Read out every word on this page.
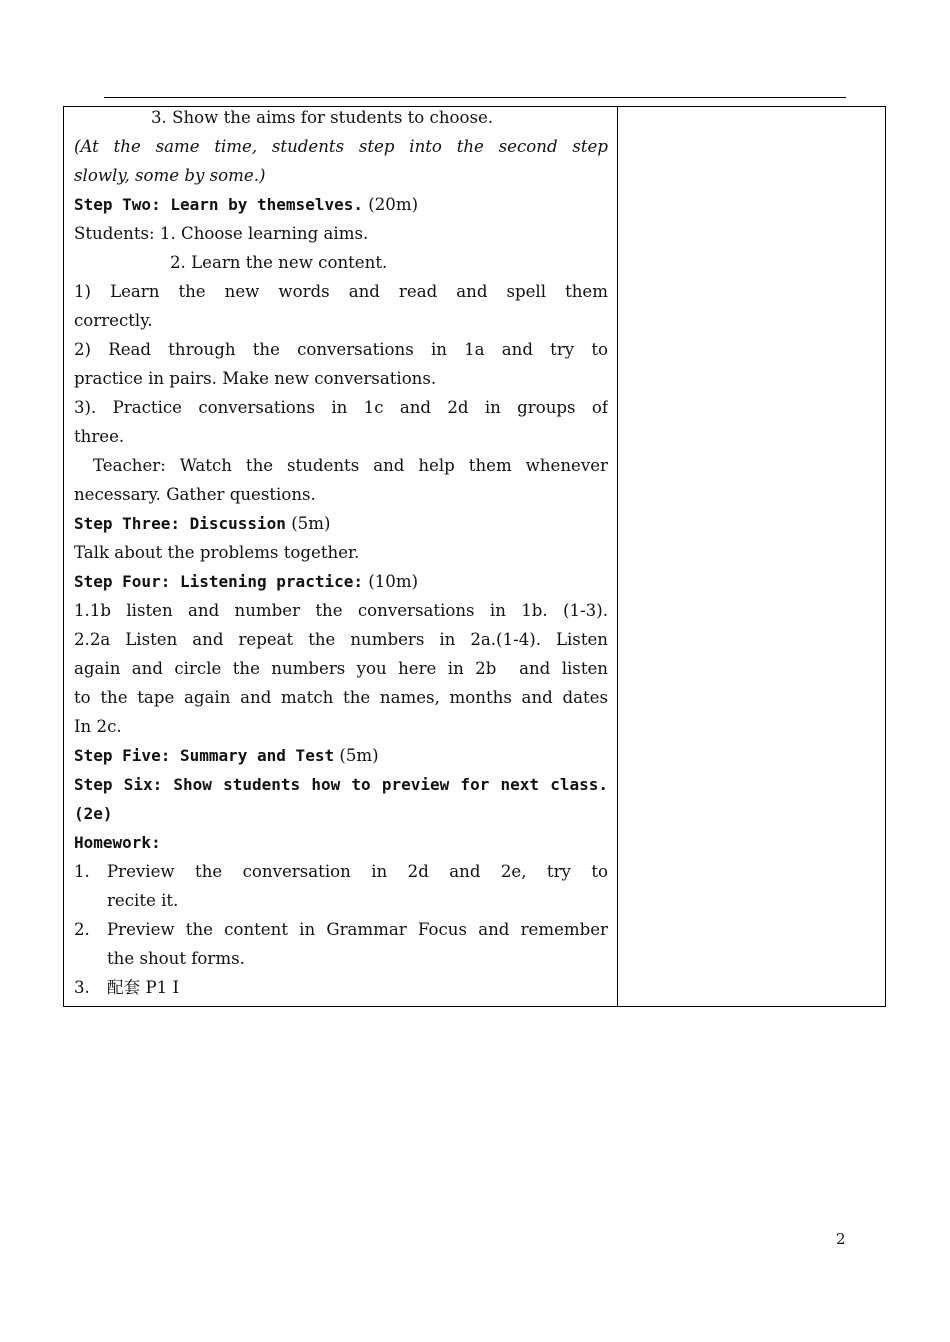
3. Show the aims for students to choose.
(At the same time, students step into the second step
slowly, some by some.)
Step Two: Learn by themselves. (20m)
Students: 1. Choose learning aims.
2. Learn the new content.
1) Learn the new words and read and spell them
correctly.
2) Read through the conversations in 1a and try to
practice in pairs. Make new conversations.
3). Practice conversations in 1c and 2d in groups of
three.
Teacher: Watch the students and help them whenever
necessary. Gather questions.
Step Three: Discussion (5m)
Talk about the problems together.
Step Four: Listening practice: (10m)
1.1b listen and number the conversations in 1b. (1-3).
2.2a Listen and repeat the numbers in 2a.(1-4). Listen
again and circle the numbers you here in 2b  and listen
to the tape again and match the names, months and dates
In 2c.
Step Five: Summary and Test (5m)
Step Six: Show students how to preview for next class.
(2e)
Homework:
1.	Preview the conversation in 2d and 2e, try to
recite it.
2.	Preview the content in Grammar Focus and remember
the shout forms.
3. 配套 P1 Ⅰ
2
